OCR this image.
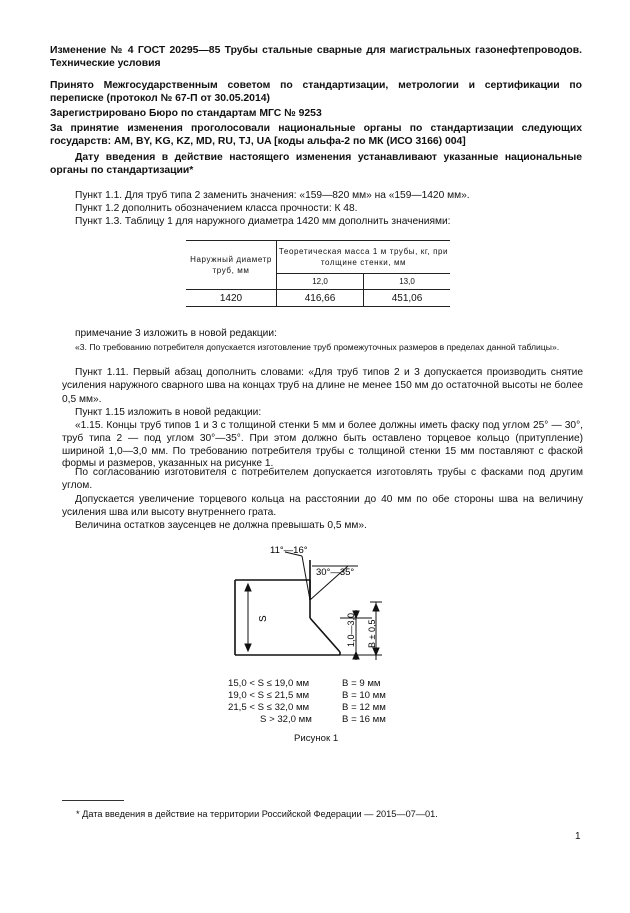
Изменение № 4 ГОСТ 20295—85 Трубы стальные сварные для магистральных газонефтепроводов. Технические условия
Принято Межгосударственным советом по стандартизации, метрологии и сертификации по переписке (протокол № 67-П от 30.05.2014)
Зарегистрировано Бюро по стандартам МГС № 9253
За принятие изменения проголосовали национальные органы по стандартизации следующих государств: AM, BY, KG, KZ, MD, RU, TJ, UA [коды альфа-2 по МК (ИСО 3166) 004]
Дату введения в действие настоящего изменения устанавливают указанные национальные органы по стандартизации*
Пункт 1.1. Для труб типа 2 заменить значения: «159—820 мм» на «159—1420 мм».
Пункт 1.2 дополнить обозначением класса прочности: К 48.
Пункт 1.3. Таблицу 1 для наружного диаметра 1420 мм дополнить значениями:
Наружный диаметр труб, мм	Теоретическая масса 1 м трубы, кг, при толщине стенки, мм	
	12,0	13,0
1420	416,66	451,06
примечание 3 изложить в новой редакции:
«3. По требованию потребителя допускается изготовление труб промежуточных размеров в пределах данной таблицы».
Пункт 1.11. Первый абзац дополнить словами: «Для труб типов 2 и 3 допускается производить снятие усиления наружного сварного шва на концах труб на длине не менее 150 мм до остаточной высоты не более 0,5 мм».
Пункт 1.15 изложить в новой редакции:
«1.15. Концы труб типов 1 и 3 с толщиной стенки 5 мм и более должны иметь фаску под углом 25° — 30°, труб типа 2 — под углом 30°—35°. При этом должно быть оставлено торцевое кольцо (притупление) шириной 1,0—3,0 мм. По требованию потребителя трубы с толщиной стенки 15 мм поставляют с фаской формы и размеров, указанных на рисунке 1.
По согласованию изготовителя с потребителем допускается изготовлять трубы с фасками под другим углом.
Допускается увеличение торцевого кольца на расстоянии до 40 мм по обе стороны шва на величину усиления шва или высоту внутреннего грата.
Величина остатков заусенцев не должна превышать 0,5 мм».
11°—16°
30°—35°
S	1,0—3,0 B ± 0,5
15,0 < S ≤ 19,0 мм	B = 9 мм
19,0 < S ≤ 21,5 мм	B = 10 мм
21,5 < S ≤ 32,0 мм	B = 12 мм
S > 32,0 мм	B = 16 мм
Рисунок 1
* Дата введения в действие на территории Российской Федерации — 2015—07—01.
1
